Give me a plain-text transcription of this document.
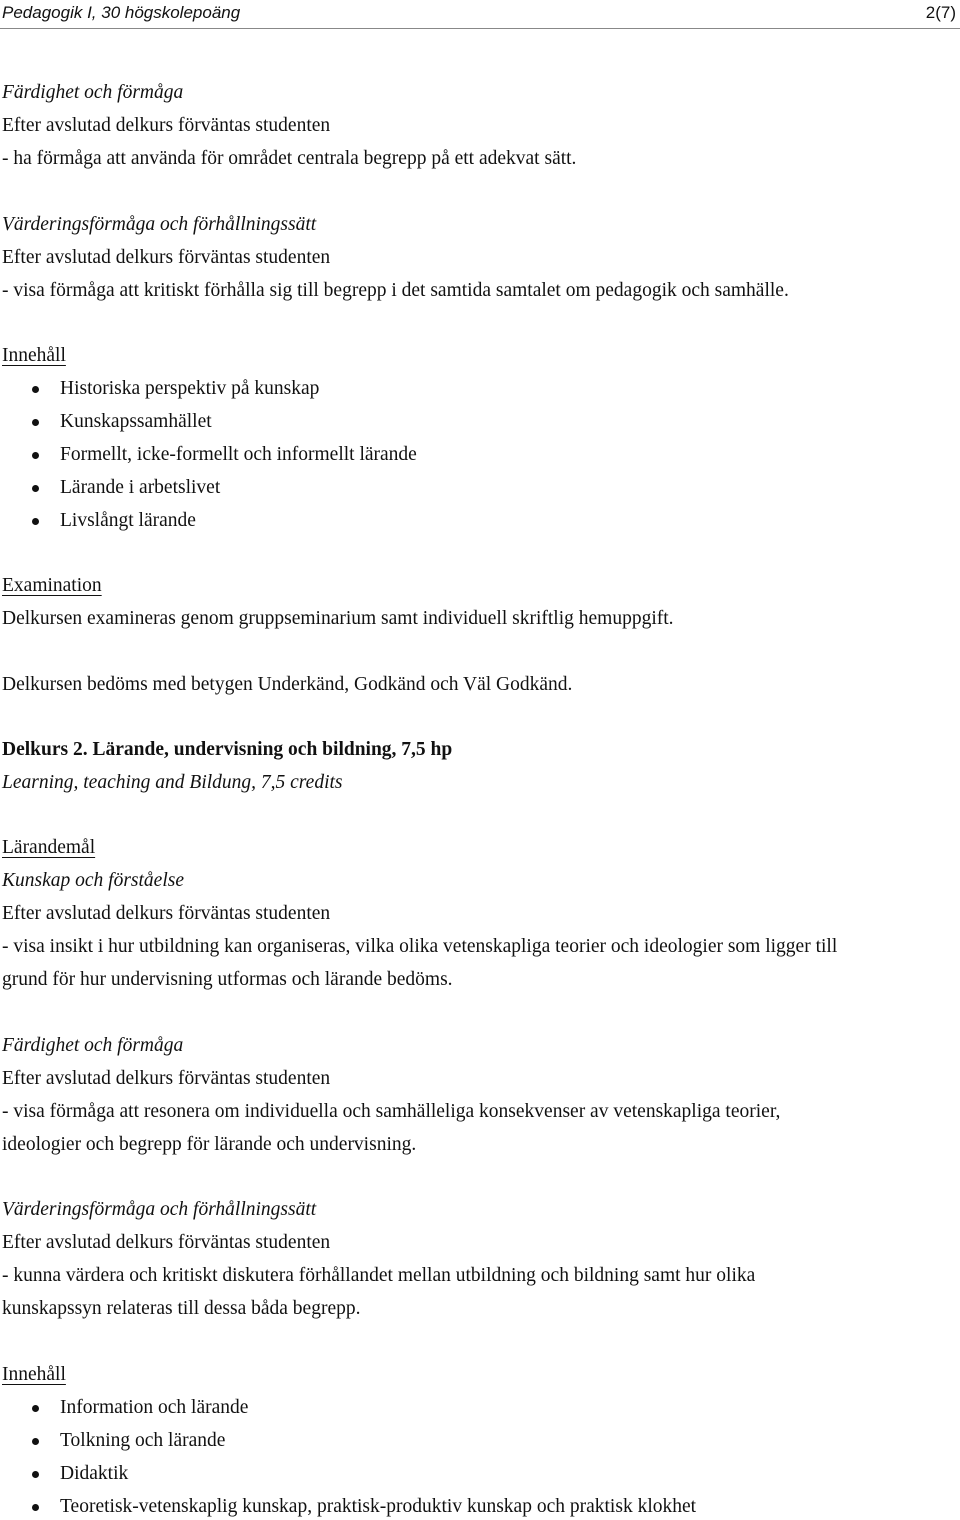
Pedagogik I, 30 högskolepoäng	2(7)
Färdighet och förmåga
Efter avslutad delkurs förväntas studenten
- ha förmåga att använda för området centrala begrepp på ett adekvat sätt.
Värderingsförmåga och förhållningssätt
Efter avslutad delkurs förväntas studenten
- visa förmåga att kritiskt förhålla sig till begrepp i det samtida samtalet om pedagogik och samhälle.
Innehåll
Historiska perspektiv på kunskap
Kunskapssamhället
Formellt, icke-formellt och informellt lärande
Lärande i arbetslivet
Livslångt lärande
Examination
Delkursen examineras genom gruppseminarium samt individuell skriftlig hemuppgift.
Delkursen bedöms med betygen Underkänd, Godkänd och Väl Godkänd.
Delkurs 2. Lärande, undervisning och bildning, 7,5 hp
Learning, teaching and Bildung, 7,5 credits
Lärandemål
Kunskap och förståelse
Efter avslutad delkurs förväntas studenten
- visa insikt i hur utbildning kan organiseras, vilka olika vetenskapliga teorier och ideologier som ligger till
grund för hur undervisning utformas och lärande bedöms.
Färdighet och förmåga
Efter avslutad delkurs förväntas studenten
- visa förmåga att resonera om individuella och samhälleliga konsekvenser av vetenskapliga teorier,
ideologier och begrepp för lärande och undervisning.
Värderingsförmåga och förhållningssätt
Efter avslutad delkurs förväntas studenten
- kunna värdera och kritiskt diskutera förhållandet mellan utbildning och bildning samt hur olika
kunskapssyn relateras till dessa båda begrepp.
Innehåll
Information och lärande
Tolkning och lärande
Didaktik
Teoretisk-vetenskaplig kunskap, praktisk-produktiv kunskap och praktisk klokhet
